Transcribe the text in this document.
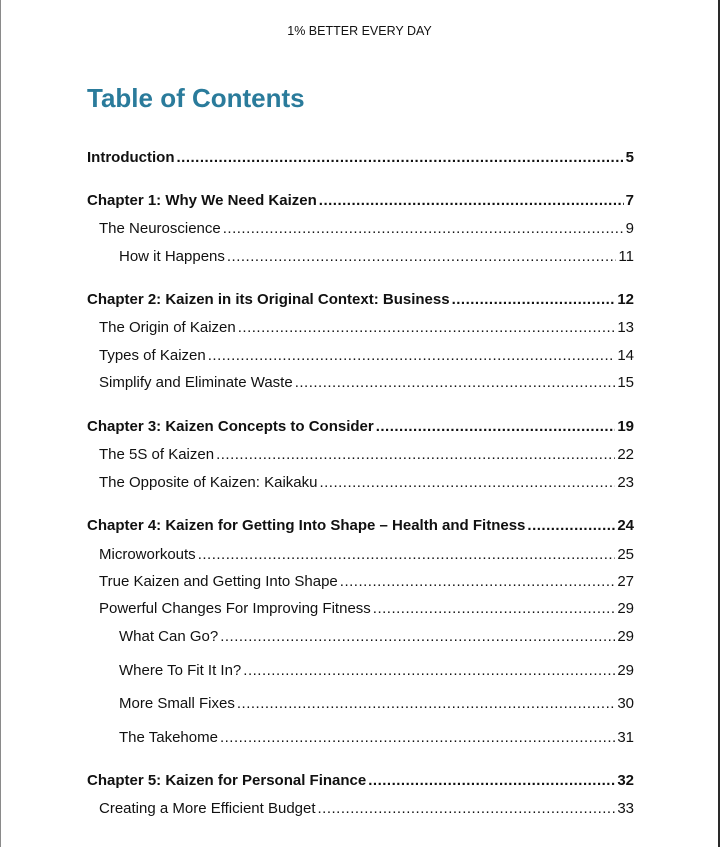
1% BETTER EVERY DAY
Table of Contents
Introduction .....	5
Chapter 1: Why We Need Kaizen .....	7
The Neuroscience .....	9
How it Happens .....	11
Chapter 2: Kaizen in its Original Context: Business .....	12
The Origin of Kaizen .....	13
Types of Kaizen .....	14
Simplify and Eliminate Waste .....	15
Chapter 3: Kaizen Concepts to Consider .....	19
The 5S of Kaizen .....	22
The Opposite of Kaizen: Kaikaku .....	23
Chapter 4: Kaizen for Getting Into Shape – Health and Fitness .....	24
Microworkouts .....	25
True Kaizen and Getting Into Shape .....	27
Powerful Changes For Improving Fitness .....	29
What Can Go? .....	29
Where To Fit It In? .....	29
More Small Fixes .....	30
The Takehome .....	31
Chapter 5: Kaizen for Personal Finance .....	32
Creating a More Efficient Budget .....	33
